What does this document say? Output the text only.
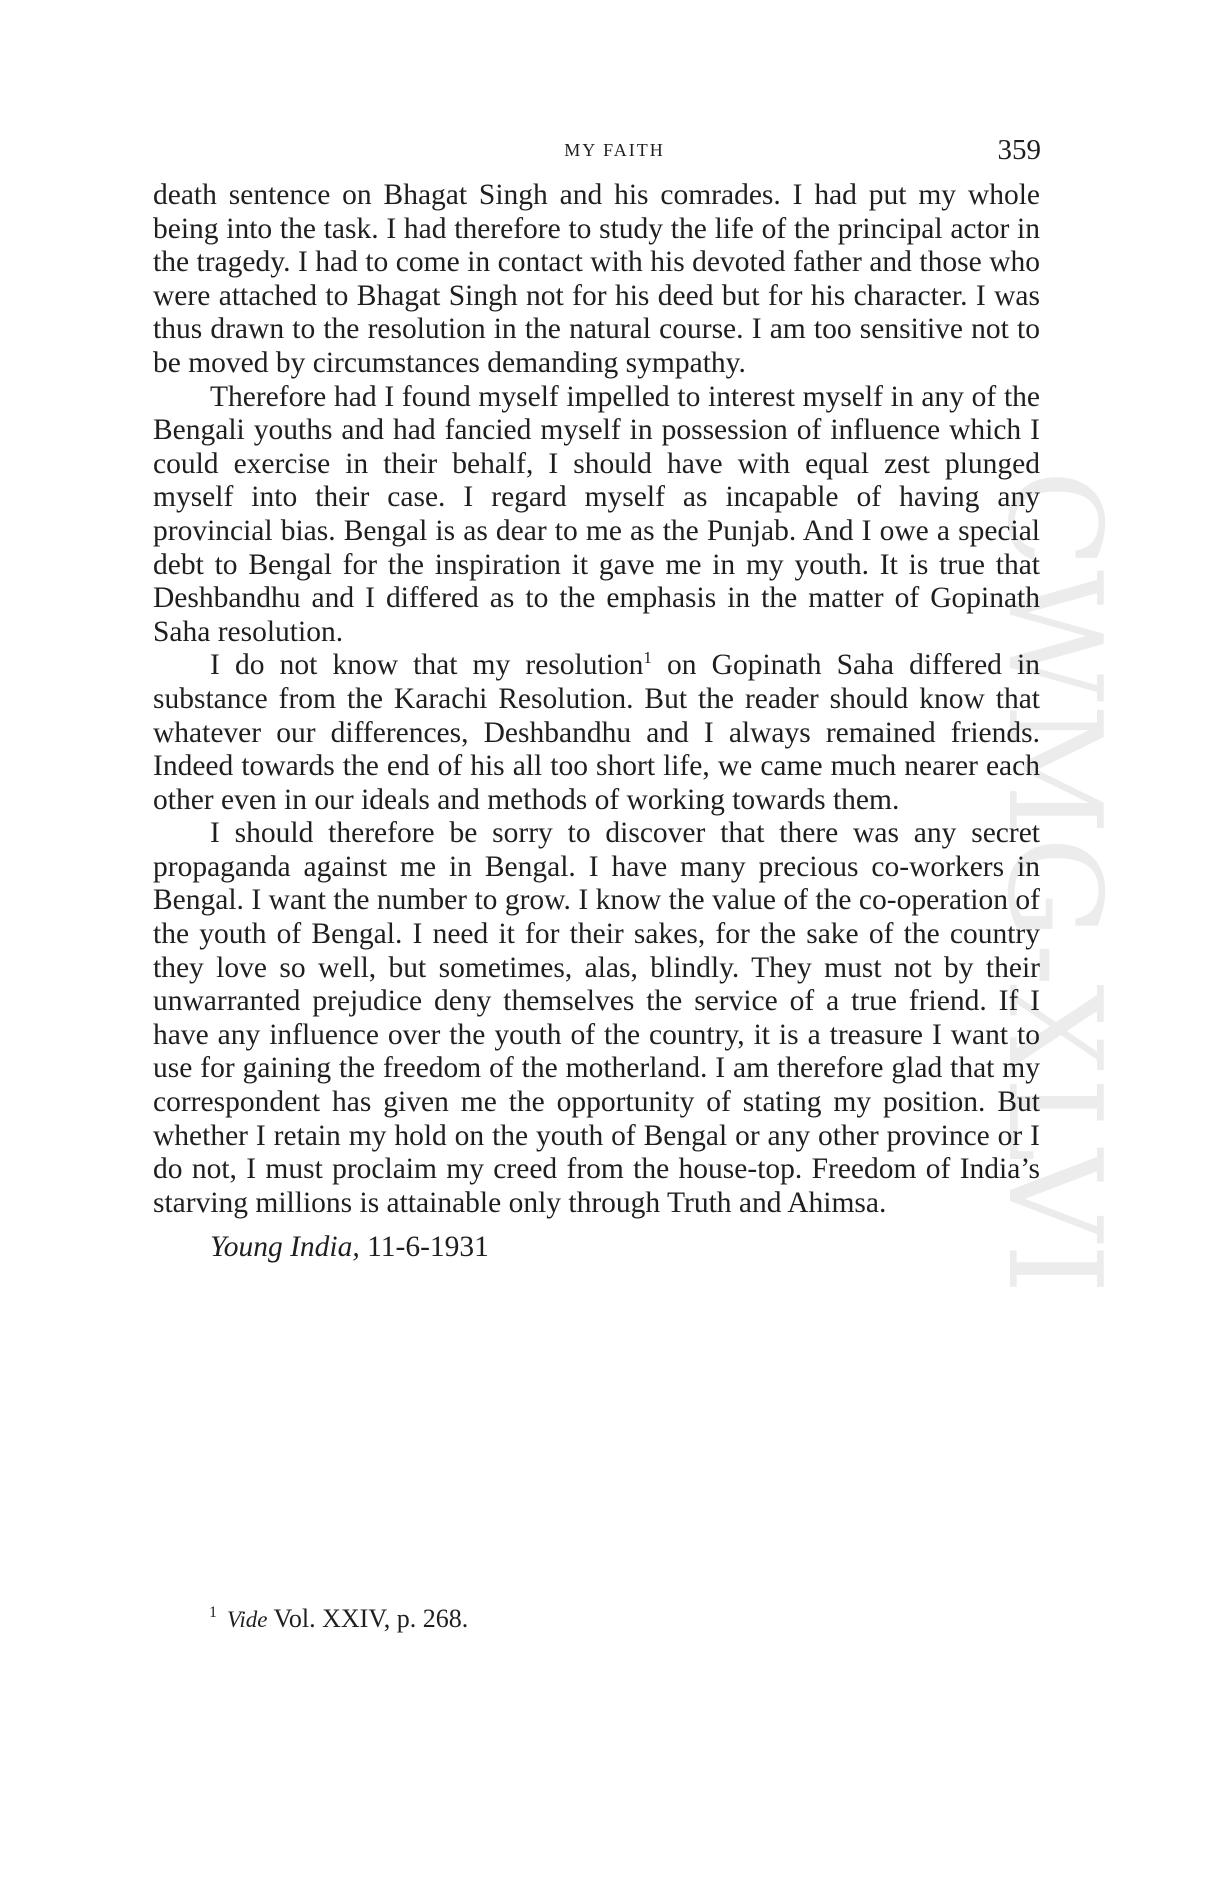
CWMG-XLVI
MY FAITH	359

death sentence on Bhagat Singh and his comrades. I had put my whole being into the task. I had therefore to study the life of the principal actor in the tragedy. I had to come in contact with his devoted father and those who were attached to Bhagat Singh not for his deed but for his character. I was thus drawn to the resolution in the natural course. I am too sensitive not to be moved by circumstances demanding sympathy.

Therefore had I found myself impelled to interest myself in any of the Bengali youths and had fancied myself in possession of influence which I could exercise in their behalf, I should have with equal zest plunged myself into their case. I regard myself as incapable of having any provincial bias. Bengal is as dear to me as the Punjab. And I owe a special debt to Bengal for the inspiration it gave me in my youth. It is true that Deshbandhu and I differed as to the emphasis in the matter of Gopinath Saha resolution.

I do not know that my resolution$^1$ on Gopinath Saha differed in substance from the Karachi Resolution. But the reader should know that whatever our differences, Deshbandhu and I always remained friends. Indeed towards the end of his all too short life, we came much nearer each other even in our ideals and methods of working towards them.

I should therefore be sorry to discover that there was any secret propaganda against me in Bengal. I have many precious co-workers in Bengal. I want the number to grow. I know the value of the co-operation of the youth of Bengal. I need it for their sakes, for the sake of the country they love so well, but sometimes, alas, blindly. They must not by their unwarranted prejudice deny themselves the service of a true friend. If I have any influence over the youth of the country, it is a treasure I want to use for gaining the freedom of the motherland. I am therefore glad that my correspondent has given me the opportunity of stating my position. But whether I retain my hold on the youth of Bengal or any other province or I do not, I must proclaim my creed from the house-top. Freedom of India’s starving millions is attainable only through Truth and Ahimsa.

Young India, 11-6-1931

$^1$ Vide Vol. XXIV, p. 268.
